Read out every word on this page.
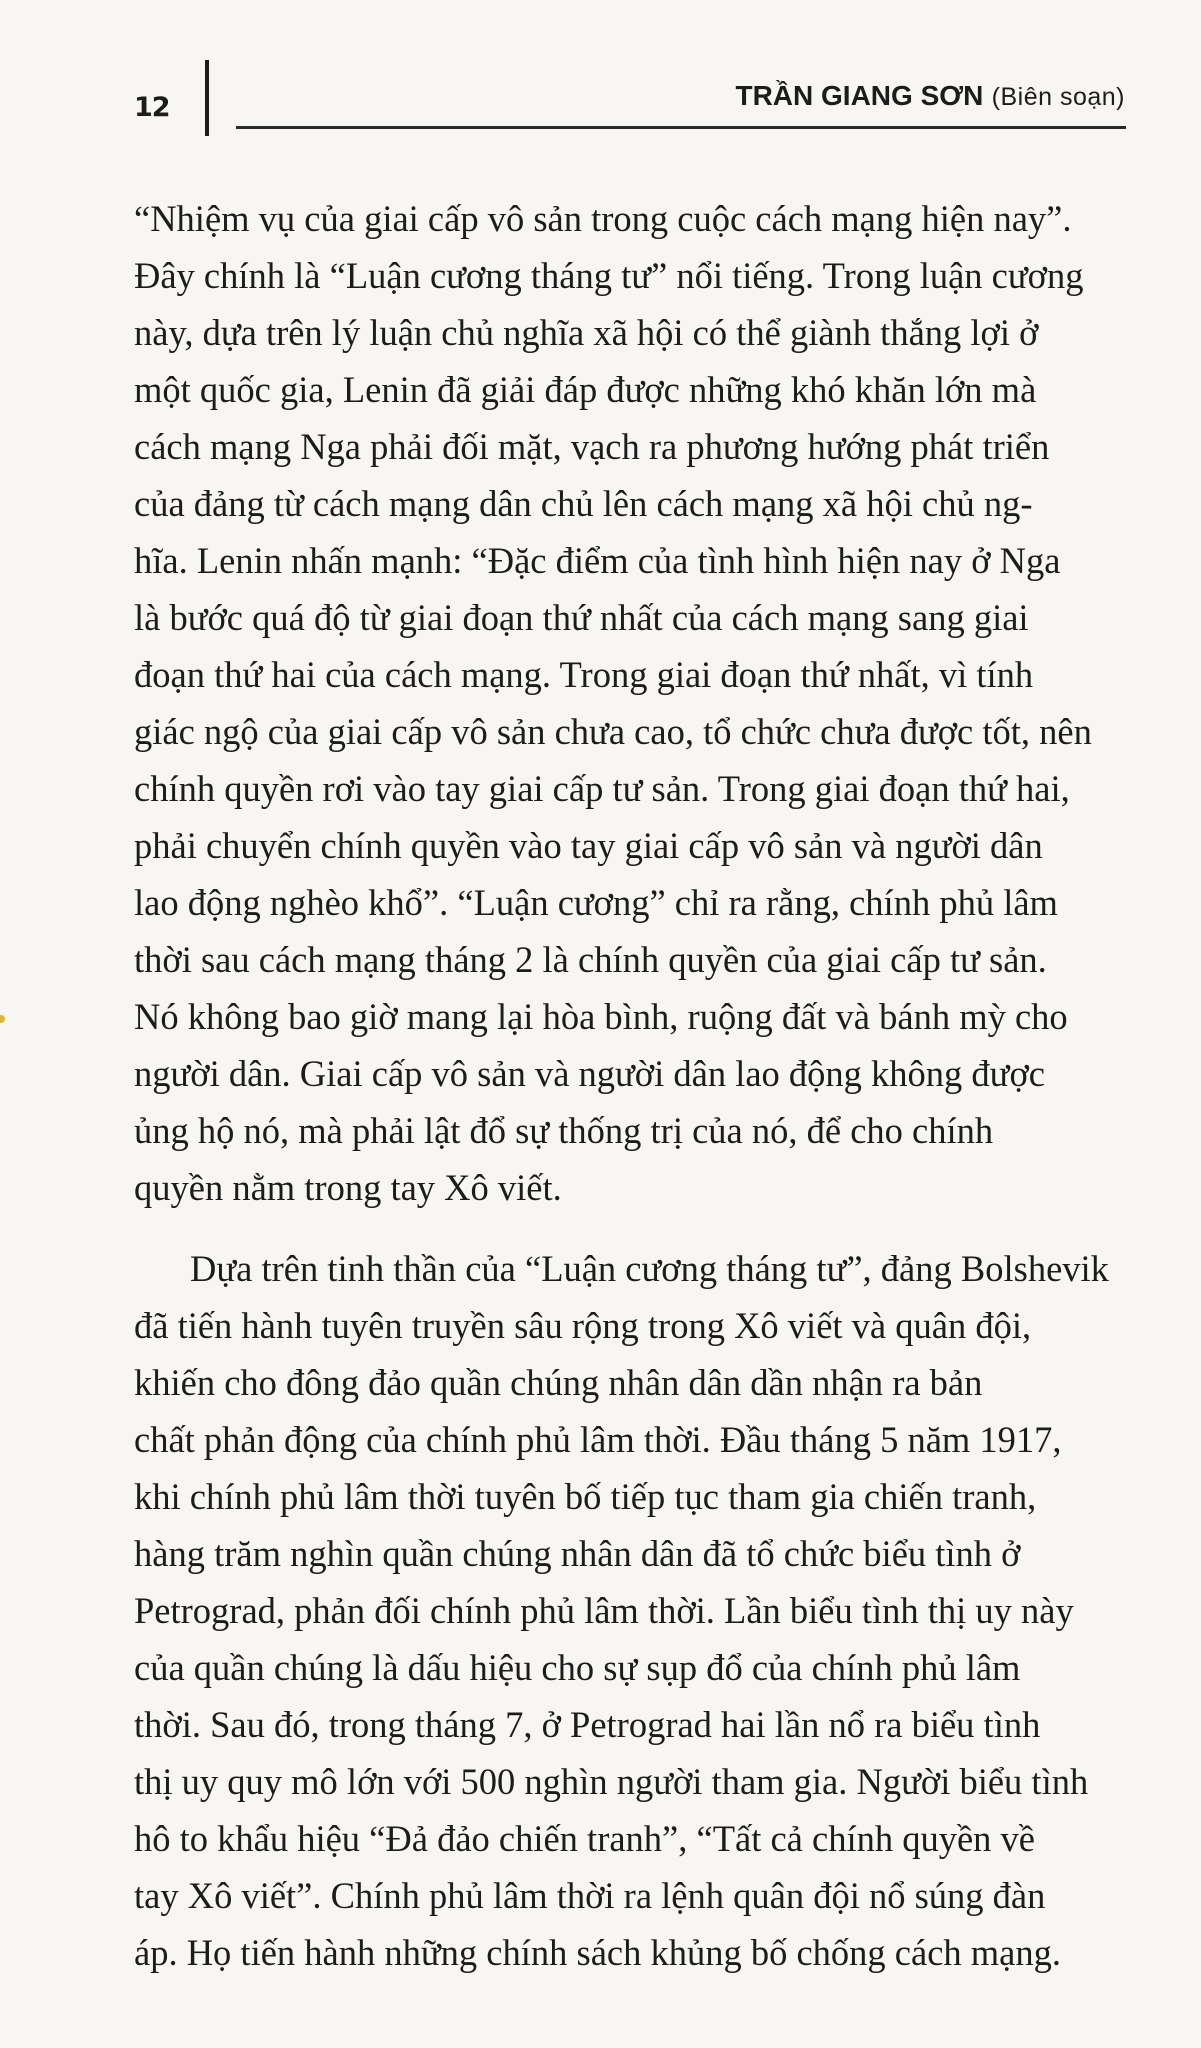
12	TRẦN GIANG SƠN (Biên soạn)
“Nhiệm vụ của giai cấp vô sản trong cuộc cách mạng hiện nay”.
Đây chính là “Luận cương tháng tư” nổi tiếng. Trong luận cương
này, dựa trên lý luận chủ nghĩa xã hội có thể giành thắng lợi ở
một quốc gia, Lenin đã giải đáp được những khó khăn lớn mà
cách mạng Nga phải đối mặt, vạch ra phương hướng phát triển
của đảng từ cách mạng dân chủ lên cách mạng xã hội chủ ng-
hĩa. Lenin nhấn mạnh: “Đặc điểm của tình hình hiện nay ở Nga
là bước quá độ từ giai đoạn thứ nhất của cách mạng sang giai
đoạn thứ hai của cách mạng. Trong giai đoạn thứ nhất, vì tính
giác ngộ của giai cấp vô sản chưa cao, tổ chức chưa được tốt, nên
chính quyền rơi vào tay giai cấp tư sản. Trong giai đoạn thứ hai,
phải chuyển chính quyền vào tay giai cấp vô sản và người dân
lao động nghèo khổ”. “Luận cương” chỉ ra rằng, chính phủ lâm
thời sau cách mạng tháng 2 là chính quyền của giai cấp tư sản.
Nó không bao giờ mang lại hòa bình, ruộng đất và bánh mỳ cho
người dân. Giai cấp vô sản và người dân lao động không được
ủng hộ nó, mà phải lật đổ sự thống trị của nó, để cho chính
quyền nằm trong tay Xô viết.
Dựa trên tinh thần của “Luận cương tháng tư”, đảng Bolshevik
đã tiến hành tuyên truyền sâu rộng trong Xô viết và quân đội,
khiến cho đông đảo quần chúng nhân dân dần nhận ra bản
chất phản động của chính phủ lâm thời. Đầu tháng 5 năm 1917,
khi chính phủ lâm thời tuyên bố tiếp tục tham gia chiến tranh,
hàng trăm nghìn quần chúng nhân dân đã tổ chức biểu tình ở
Petrograd, phản đối chính phủ lâm thời. Lần biểu tình thị uy này
của quần chúng là dấu hiệu cho sự sụp đổ của chính phủ lâm
thời. Sau đó, trong tháng 7, ở Petrograd hai lần nổ ra biểu tình
thị uy quy mô lớn với 500 nghìn người tham gia. Người biểu tình
hô to khẩu hiệu “Đả đảo chiến tranh”, “Tất cả chính quyền về
tay Xô viết”. Chính phủ lâm thời ra lệnh quân đội nổ súng đàn
áp. Họ tiến hành những chính sách khủng bố chống cách mạng.
